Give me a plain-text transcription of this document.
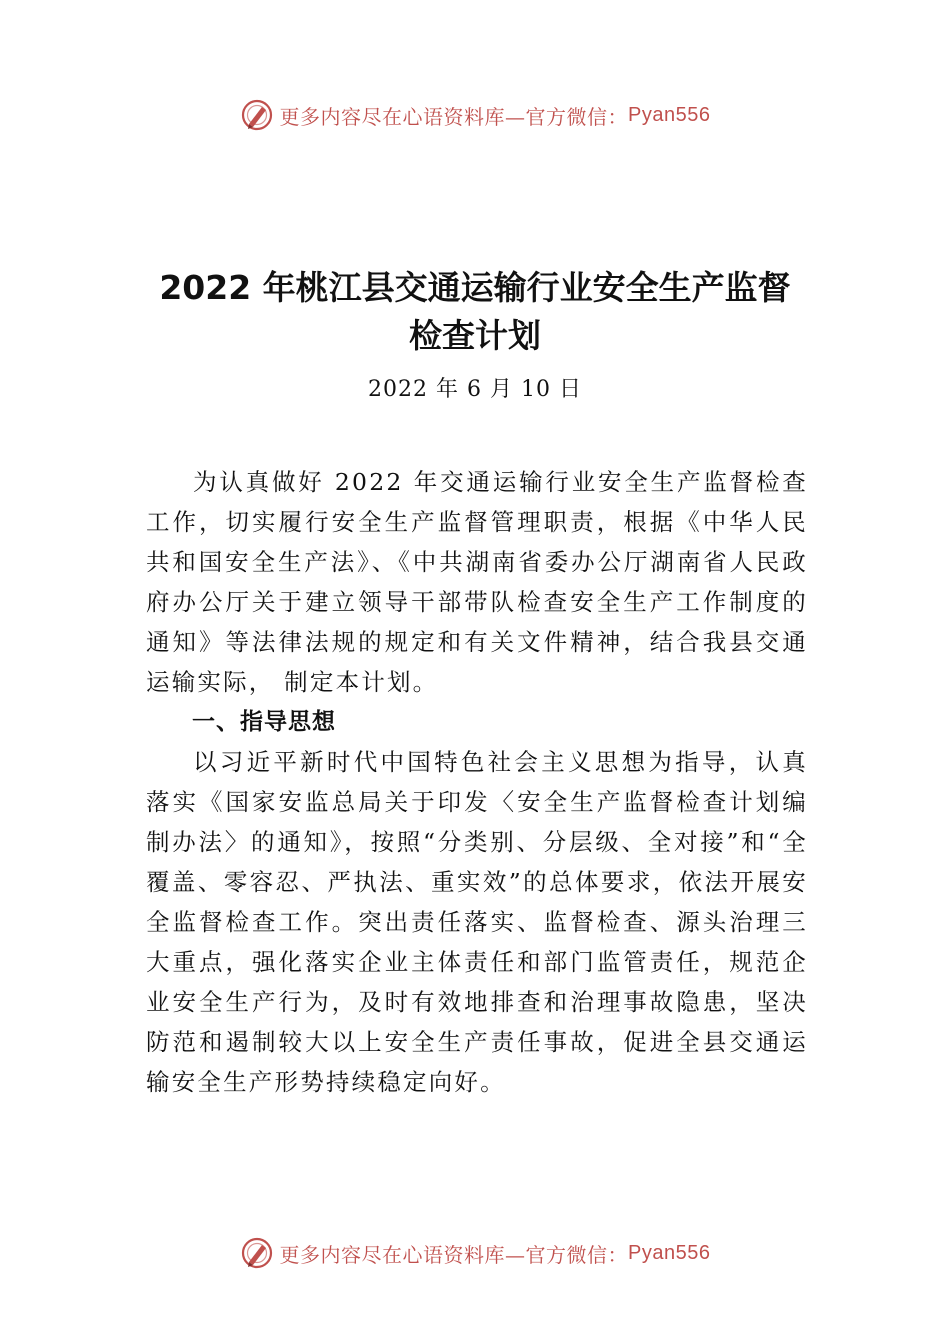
更多内容尽在心语资料库—官方微信： Pyan556
2022 年桃江县交通运输行业安全生产监督
检查计划
2022 年 6 月 10 日

为认真做好 2022 年交通运输行业安全生产监督检查工作，切实履行安全生产监督管理职责，根据《中华人民共和国安全生产法》、《中共湖南省委办公厅湖南省人民政府办公厅关于建立领导干部带队检查安全生产工作制度的通知》等法律法规的规定和有关文件精神，结合我县交通运输实际， 制定本计划。

一、指导思想

以习近平新时代中国特色社会主义思想为指导，认真落实《国家安监总局关于印发〈安全生产监督检查计划编制办法〉的通知》，按照“分类别、分层级、全对接”和“全覆盖、零容忍、严执法、重实效”的总体要求，依法开展安全监督检查工作。突出责任落实、监督检查、源头治理三大重点，强化落实企业主体责任和部门监管责任，规范企业安全生产行为，及时有效地排查和治理事故隐患，坚决防范和遏制较大以上安全生产责任事故，促进全县交通运输安全生产形势持续稳定向好。

更多内容尽在心语资料库—官方微信： Pyan556
